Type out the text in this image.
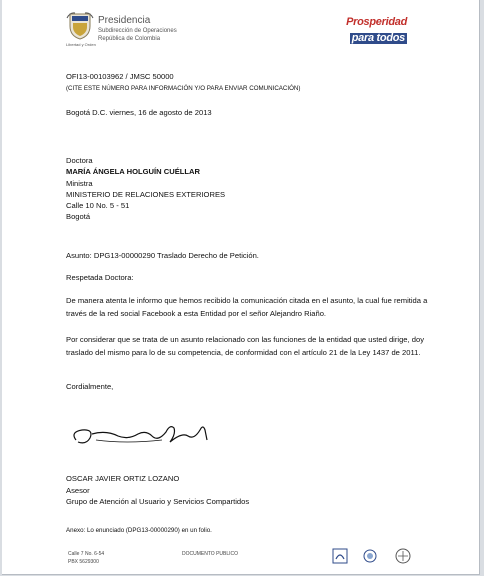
Presidencia
Subdirección de Operaciones
República de Colombia
Libertad y Orden
Prosperidad
para todos
OFI13-00103962 / JMSC 50000
(CITE ESTE NÚMERO PARA INFORMACIÓN Y/O PARA ENVIAR COMUNICACIÓN)
Bogotá D.C. viernes, 16 de agosto de 2013
Doctora
MARÍA ÁNGELA HOLGUÍN CUÉLLAR
Ministra
MINISTERIO DE RELACIONES EXTERIORES
Calle 10 No. 5 - 51
Bogotá
Asunto: DPG13-00000290 Traslado Derecho de Petición.
Respetada Doctora:
De manera atenta le informo que hemos recibido la comunicación citada en el asunto, la cual fue remitida a través de la red social Facebook a esta Entidad por el señor Alejandro Riaño.
Por considerar que se trata de un asunto relacionado con las funciones de la entidad que usted dirige, doy traslado del mismo para lo de su competencia, de conformidad con el artículo 21 de la Ley 1437 de 2011.
Cordialmente,
OSCAR JAVIER ORTIZ LOZANO
Asesor
Grupo de Atención al Usuario y Servicios Compartidos
Anexo: Lo enunciado (DPG13-00000290) en un folio.
Calle 7 No. 6-54
PBX 5629300
DOCUMENTO PUBLICO
